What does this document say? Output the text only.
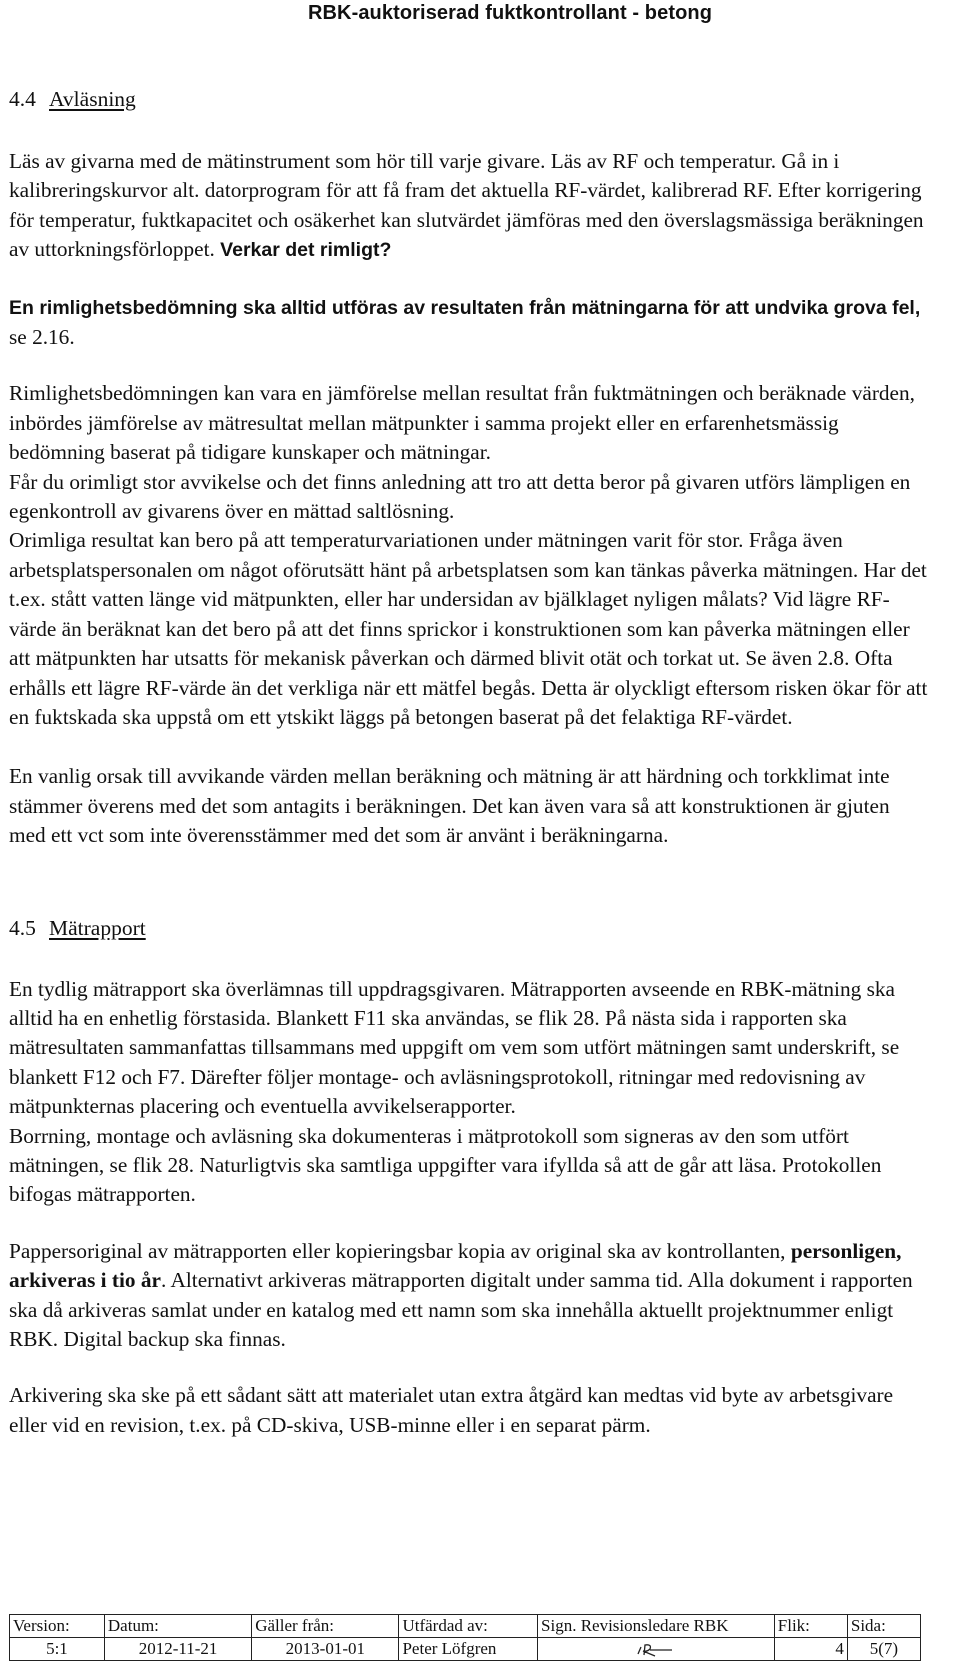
RBK-auktoriserad fuktkontrollant - betong

4.4 Avläsning

Läs av givarna med de mätinstrument som hör till varje givare. Läs av RF och temperatur. Gå in i kalibreringskurvor alt. datorprogram för att få fram det aktuella RF-värdet, kalibrerad RF. Efter korrigering för temperatur, fuktkapacitet och osäkerhet kan slutvärdet jämföras med den överslagsmässiga beräkningen av uttorkningsförloppet. Verkar det rimligt?

En rimlighetsbedömning ska alltid utföras av resultaten från mätningarna för att undvika grova fel, se 2.16.

Rimlighetsbedömningen kan vara en jämförelse mellan resultat från fuktmätningen och beräknade värden, inbördes jämförelse av mätresultat mellan mätpunkter i samma projekt eller en erfarenhetsmässig bedömning baserat på tidigare kunskaper och mätningar.

Får du orimligt stor avvikelse och det finns anledning att tro att detta beror på givaren utförs lämpligen en egenkontroll av givarens över en mättad saltlösning.

Orimliga resultat kan bero på att temperaturvariationen under mätningen varit för stor. Fråga även arbetsplatspersonalen om något oförutsätt hänt på arbetsplatsen som kan tänkas påverka mätningen. Har det t.ex. stått vatten länge vid mätpunkten, eller har undersidan av bjälklaget nyligen målats? Vid lägre RF-värde än beräknat kan det bero på att det finns sprickor i konstruktionen som kan påverka mätningen eller att mätpunkten har utsatts för mekanisk påverkan och därmed blivit otät och torkat ut. Se även 2.8. Ofta erhålls ett lägre RF-värde än det verkliga när ett mätfel begås. Detta är olyckligt eftersom risken ökar för att en fuktskada ska uppstå om ett ytskikt läggs på betongen baserat på det felaktiga RF-värdet.

En vanlig orsak till avvikande värden mellan beräkning och mätning är att härdning och torkklimat inte stämmer överens med det som antagits i beräkningen. Det kan även vara så att konstruktionen är gjuten med ett vct som inte överensstämmer med det som är använt i beräkningarna.

4.5 Mätrapport

En tydlig mätrapport ska överlämnas till uppdragsgivaren. Mätrapporten avseende en RBK-mätning ska alltid ha en enhetlig förstasida. Blankett F11 ska användas, se flik 28. På nästa sida i rapporten ska mätresultaten sammanfattas tillsammans med uppgift om vem som utfört mätningen samt underskrift, se blankett F12 och F7. Därefter följer montage- och avläsningsprotokoll, ritningar med redovisning av mätpunkternas placering och eventuella avvikelserapporter.

Borrning, montage och avläsning ska dokumenteras i mätprotokoll som signeras av den som utfört mätningen, se flik 28. Naturligtvis ska samtliga uppgifter vara ifyllda så att de går att läsa. Protokollen bifogas mätrapporten.

Pappersoriginal av mätrapporten eller kopieringsbar kopia av original ska av kontrollanten, personligen, arkiveras i tio år. Alternativt arkiveras mätrapporten digitalt under samma tid. Alla dokument i rapporten ska då arkiveras samlat under en katalog med ett namn som ska innehålla aktuellt projektnummer enligt RBK. Digital backup ska finnas.

Arkivering ska ske på ett sådant sätt att materialet utan extra åtgärd kan medtas vid byte av arbetsgivare eller vid en revision, t.ex. på CD-skiva, USB-minne eller i en separat pärm.

Version:	Datum:	Gäller från:	Utfärdad av:	Sign. Revisionsledare RBK	Flik:	Sida:
5:1	2012-11-21	2013-01-01	Peter Löfgren		4	5(7)
